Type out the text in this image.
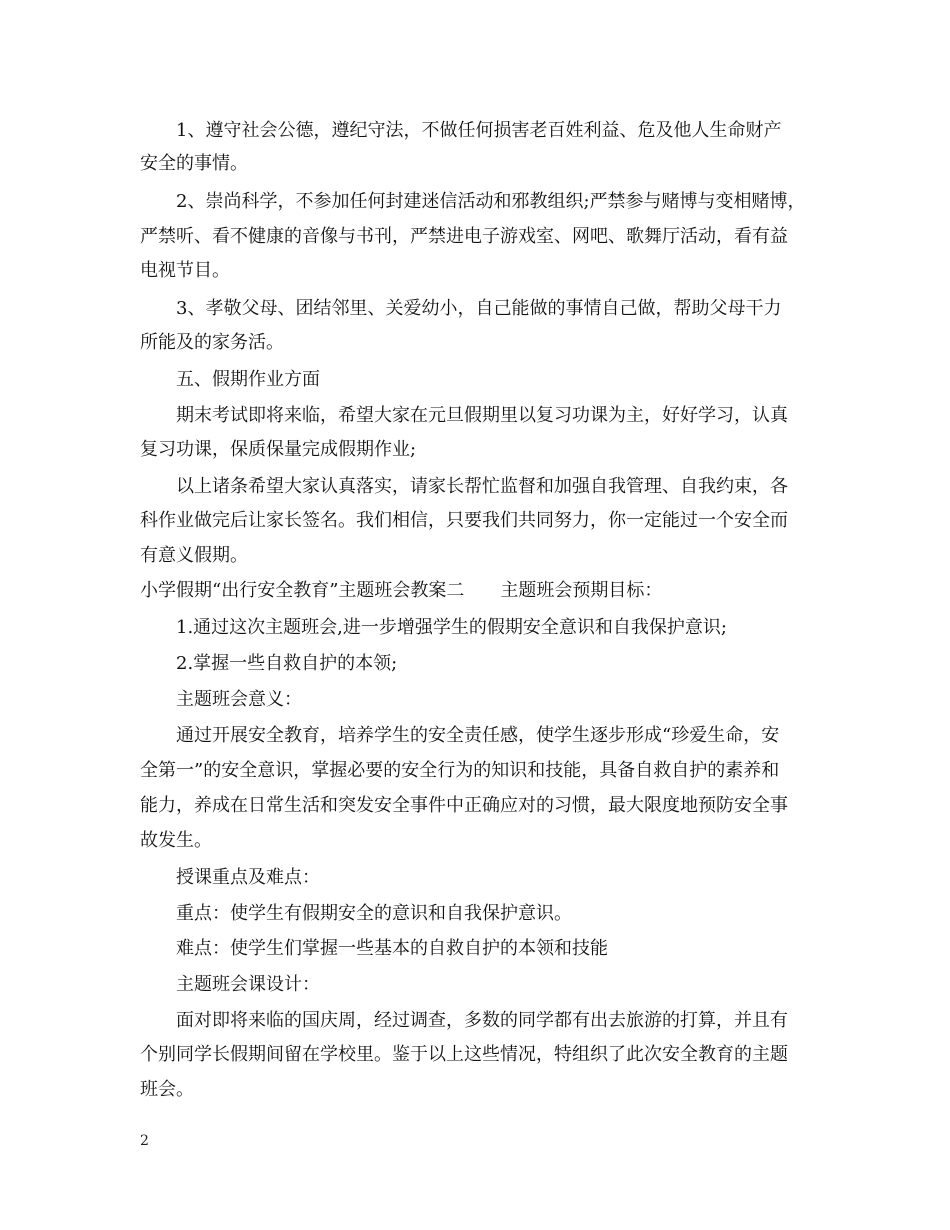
1、遵守社会公德，遵纪守法，不做任何损害老百姓利益、危及他人生命财产
安全的事情。
2、崇尚科学，不参加任何封建迷信活动和邪教组织;严禁参与赌博与变相赌博，
严禁听、看不健康的音像与书刊，严禁进电子游戏室、网吧、歌舞厅活动，看有益
电视节目。
3、孝敬父母、团结邻里、关爱幼小，自己能做的事情自己做，帮助父母干力
所能及的家务活。
五、假期作业方面
期末考试即将来临，希望大家在元旦假期里以复习功课为主，好好学习，认真
复习功课，保质保量完成假期作业;
以上诸条希望大家认真落实，请家长帮忙监督和加强自我管理、自我约束，各
科作业做完后让家长签名。我们相信，只要我们共同努力，你一定能过一个安全而
有意义假期。
小学假期“出行安全教育”主题班会教案二 主题班会预期目标：
1.通过这次主题班会,进一步增强学生的假期安全意识和自我保护意识;
2.掌握一些自救自护的本领;
主题班会意义：
通过开展安全教育，培养学生的安全责任感，使学生逐步形成“珍爱生命，安
全第一”的安全意识，掌握必要的安全行为的知识和技能，具备自救自护的素养和
能力，养成在日常生活和突发安全事件中正确应对的习惯，最大限度地预防安全事
故发生。
授课重点及难点：
重点：使学生有假期安全的意识和自我保护意识。
难点：使学生们掌握一些基本的自救自护的本领和技能
主题班会课设计：
面对即将来临的国庆周，经过调查，多数的同学都有出去旅游的打算，并且有
个别同学长假期间留在学校里。鉴于以上这些情况，特组织了此次安全教育的主题
班会。
2
